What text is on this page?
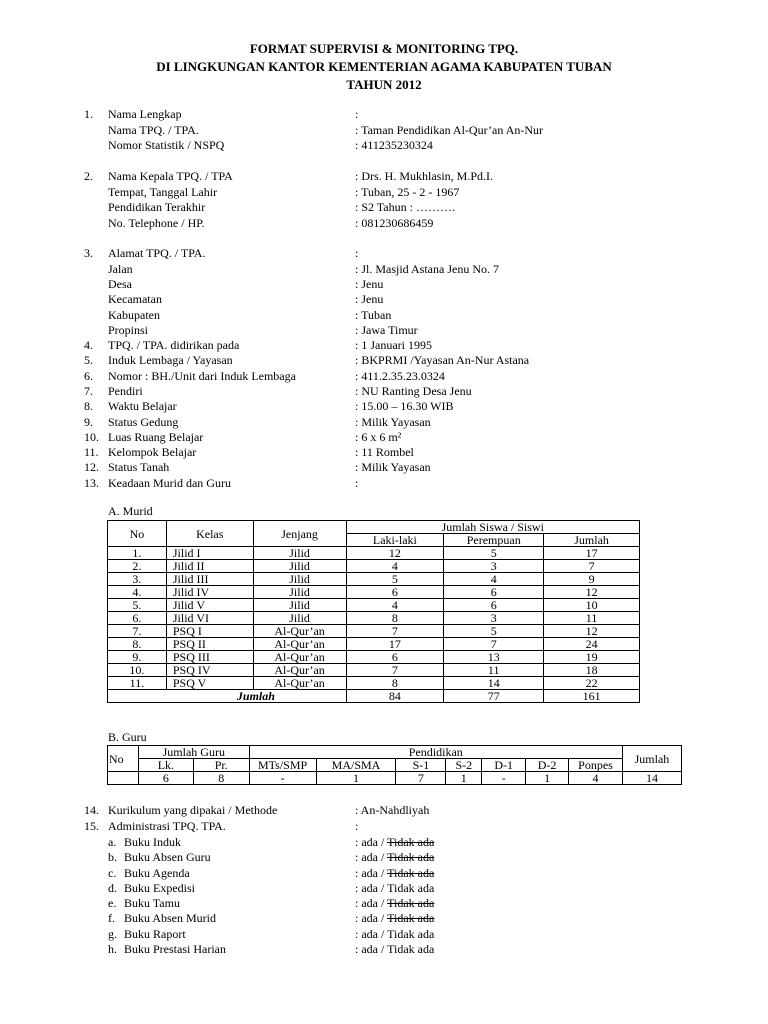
FORMAT SUPERVISI & MONITORING TPQ.
DI LINGKUNGAN KANTOR KEMENTERIAN AGAMA KABUPATEN TUBAN
TAHUN 2012
1. Nama Lengkap	:
Nama TPQ. / TPA.	: Taman Pendidikan Al-Qur’an An-Nur
Nomor Statistik / NSPQ	: 411235230324
2. Nama Kepala TPQ. / TPA	: Drs. H. Mukhlasin, M.Pd.I.
Tempat, Tanggal Lahir	: Tuban, 25 - 2 - 1967
Pendidikan Terakhir	: S2 Tahun : ……….
No. Telephone / HP.	: 081230686459
3. Alamat TPQ. / TPA.	:
Jalan	: Jl. Masjid Astana Jenu No. 7
Desa	: Jenu
Kecamatan	: Jenu
Kabupaten	: Tuban
Propinsi	: Jawa Timur
4. TPQ. / TPA. didirikan pada	: 1 Januari 1995
5. Induk Lembaga / Yayasan	: BKPRMI /Yayasan An-Nur Astana
6. Nomor : BH./Unit dari Induk Lembaga	: 411.2.35.23.0324
7. Pendiri	: NU Ranting Desa Jenu
8. Waktu Belajar	: 15.00 – 16.30 WIB
9. Status Gedung	: Milik Yayasan
10. Luas Ruang Belajar	: 6 x 6 m²
11. Kelompok Belajar	: 11 Rombel
12. Status Tanah	: Milik Yayasan
13. Keadaan Murid dan Guru	:
A. Murid
No	Kelas	Jenjang	Jumlah Siswa / Siswi		
			Laki-laki	Perempuan	Jumlah
1.	Jilid I	Jilid	12	5	17
2.	Jilid II	Jilid	4	3	7
3.	Jilid III	Jilid	5	4	9
4.	Jilid IV	Jilid	6	6	12
5.	Jilid V	Jilid	4	6	10
6.	Jilid VI	Jilid	8	3	11
7.	PSQ I	Al-Qur’an	7	5	12
8.	PSQ II	Al-Qur’an	17	7	24
9.	PSQ III	Al-Qur’an	6	13	19
10.	PSQ IV	Al-Qur’an	7	11	18
11.	PSQ V	Al-Qur’an	8	14	22
	Jumlah		84	77	161
B. Guru
No	Jumlah Guru		Pendidikan							Jumlah
	Lk.	Pr.	MTs/SMP	MA/SMA	S-1	S-2	D-1	D-2	Ponpes	
	6	8	-	1	7	1	-	1	4	14
14. Kurikulum yang dipakai / Methode	: An-Nahdliyah
15. Administrasi TPQ. TPA.	:
a. Buku Induk	: ada / Tidak ada
b. Buku Absen Guru	: ada / Tidak ada
c. Buku Agenda	: ada / Tidak ada
d. Buku Expedisi	: ada / Tidak ada
e. Buku Tamu	: ada / Tidak ada
f. Buku Absen Murid	: ada / Tidak ada
g. Buku Raport	: ada / Tidak ada
h. Buku Prestasi Harian	: ada / Tidak ada
